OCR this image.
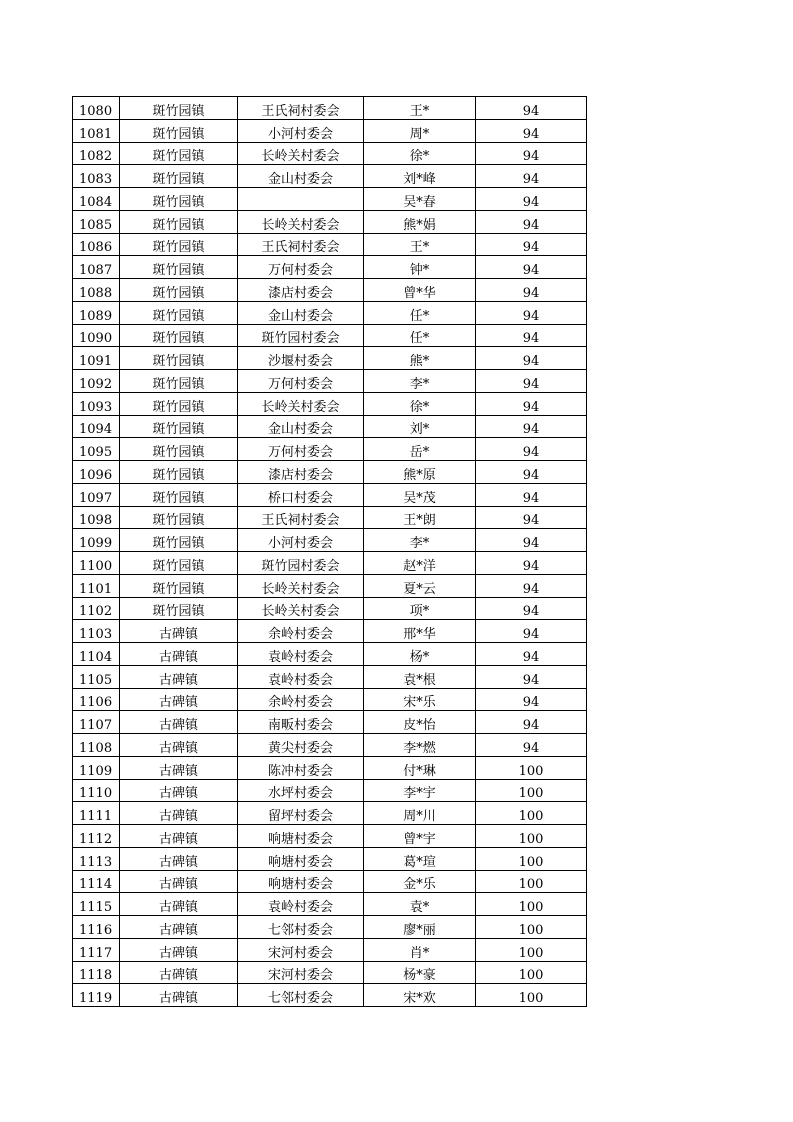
1080	斑竹园镇	王氏祠村委会	王*	94
1081	斑竹园镇	小河村委会	周*	94
1082	斑竹园镇	长岭关村委会	徐*	94
1083	斑竹园镇	金山村委会	刘*峰	94
1084	斑竹园镇		吴*春	94
1085	斑竹园镇	长岭关村委会	熊*娟	94
1086	斑竹园镇	王氏祠村委会	王*	94
1087	斑竹园镇	万何村委会	钟*	94
1088	斑竹园镇	漆店村委会	曾*华	94
1089	斑竹园镇	金山村委会	任*	94
1090	斑竹园镇	斑竹园村委会	任*	94
1091	斑竹园镇	沙堰村委会	熊*	94
1092	斑竹园镇	万何村委会	李*	94
1093	斑竹园镇	长岭关村委会	徐*	94
1094	斑竹园镇	金山村委会	刘*	94
1095	斑竹园镇	万何村委会	岳*	94
1096	斑竹园镇	漆店村委会	熊*原	94
1097	斑竹园镇	桥口村委会	吴*茂	94
1098	斑竹园镇	王氏祠村委会	王*朗	94
1099	斑竹园镇	小河村委会	李*	94
1100	斑竹园镇	斑竹园村委会	赵*洋	94
1101	斑竹园镇	长岭关村委会	夏*云	94
1102	斑竹园镇	长岭关村委会	项*	94
1103	古碑镇	余岭村委会	邢*华	94
1104	古碑镇	袁岭村委会	杨*	94
1105	古碑镇	袁岭村委会	袁*根	94
1106	古碑镇	余岭村委会	宋*乐	94
1107	古碑镇	南畈村委会	皮*怡	94
1108	古碑镇	黄尖村委会	李*燃	94
1109	古碑镇	陈冲村委会	付*琳	100
1110	古碑镇	水坪村委会	李*宇	100
1111	古碑镇	留坪村委会	周*川	100
1112	古碑镇	响塘村委会	曾*宇	100
1113	古碑镇	响塘村委会	葛*瑄	100
1114	古碑镇	响塘村委会	金*乐	100
1115	古碑镇	袁岭村委会	袁*	100
1116	古碑镇	七邻村委会	廖*丽	100
1117	古碑镇	宋河村委会	肖*	100
1118	古碑镇	宋河村委会	杨*豪	100
1119	古碑镇	七邻村委会	宋*欢	100
